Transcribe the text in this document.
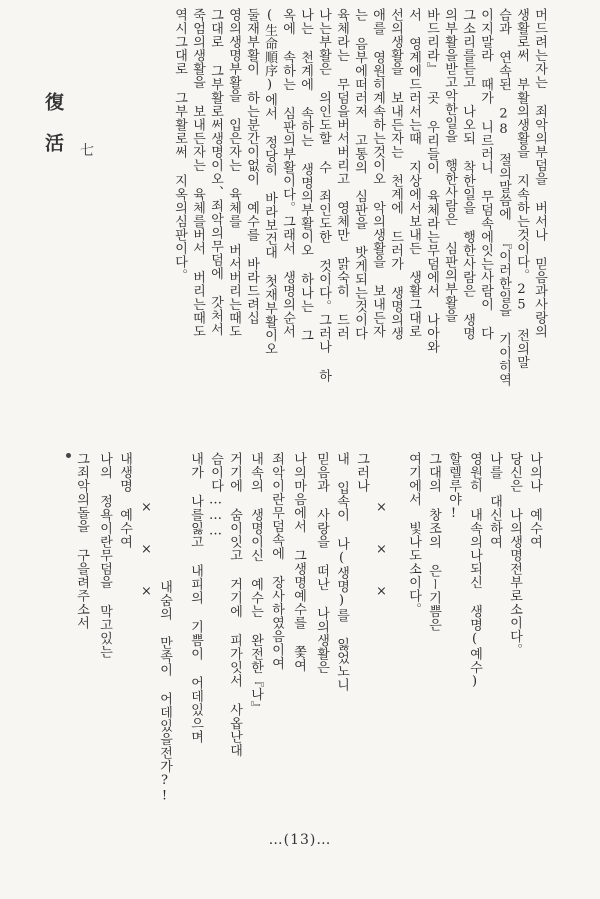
머드려는자는 죄악의부덤을 버서나 믿음과사랑의
생활로써 부활의생활을 지속하는것이다。25 전의말
슴과 연속된 28 절의말씀에 『이러한일을 기이히역
이지말라 때가 니르러니 무덤속에잇는사람이 다
그소리를듣고 나오되 착한일을 행한사람은 생명
의부활을받고악한일을 행한사람은 심판의부활을
바드리라』 곳 우리들이 육체라는무덤에서 나아와
서 영계에드러서는때 지상에서보내든 생활그대로
선의생활을 보내든자는 천계에 드러가 생명의생
애를 영원히계속하는것이오 악의생활을 보내든자
는 음부에떠러저 고통의 심판을 밧게되는것이다
육체라는 무덤을버서버리고 영체만 맑숙히 드러
나는부활은 의인도할 수 죄인도한 것이다。그러나 하
나는 천계에 속하는 생명의부활이오 하나는 그
옥에 속하는 심판의부활이다。그래서 생명의순서
(生命順序)에서 정당히 바라보건대 첫재부활이오
둘재부활이 하는분간이없이 예수를 바라드려십
영의생명부활을 입은자는 육체를 버서버리는때도
그대로 그부활로써생명이오、죄악의무덤에 갓처서
죽엄의생활을 보내든자는 육체를버서 버리는때도
역시그대로 그부활로써 지옥의심판이다。
復活 七
나의나 예수여
당신은 나의생명전부로소이다。
나를 대신하여
영원히 내속의나되신 생명(예수)
할렐루야!
그대의 창조의 은ー기쁨은
여기에서 빛나도소이다。
× × ×
그러나
내 입속이 나(생명)를 잃었노니
믿음과 사랑을 떠난 나의생활은
나의마음에서 그생명예수를 쫓여
죄악이란무덤속에 장사하였음이여
내속의 생명이신 예수는 완전한『나』
거기에 숨이잇고 거기에 피가잇서 사옵난대
슴이다………
내가 나를잃고 내피의 기쁨이 어데있으며
× × ×
내숨의 만족이 어데있을전가?!
내생명 예수여
나의 정욕이란무덤을 막고있는
그죄악의돌을 구을려주소서
…(13)…
